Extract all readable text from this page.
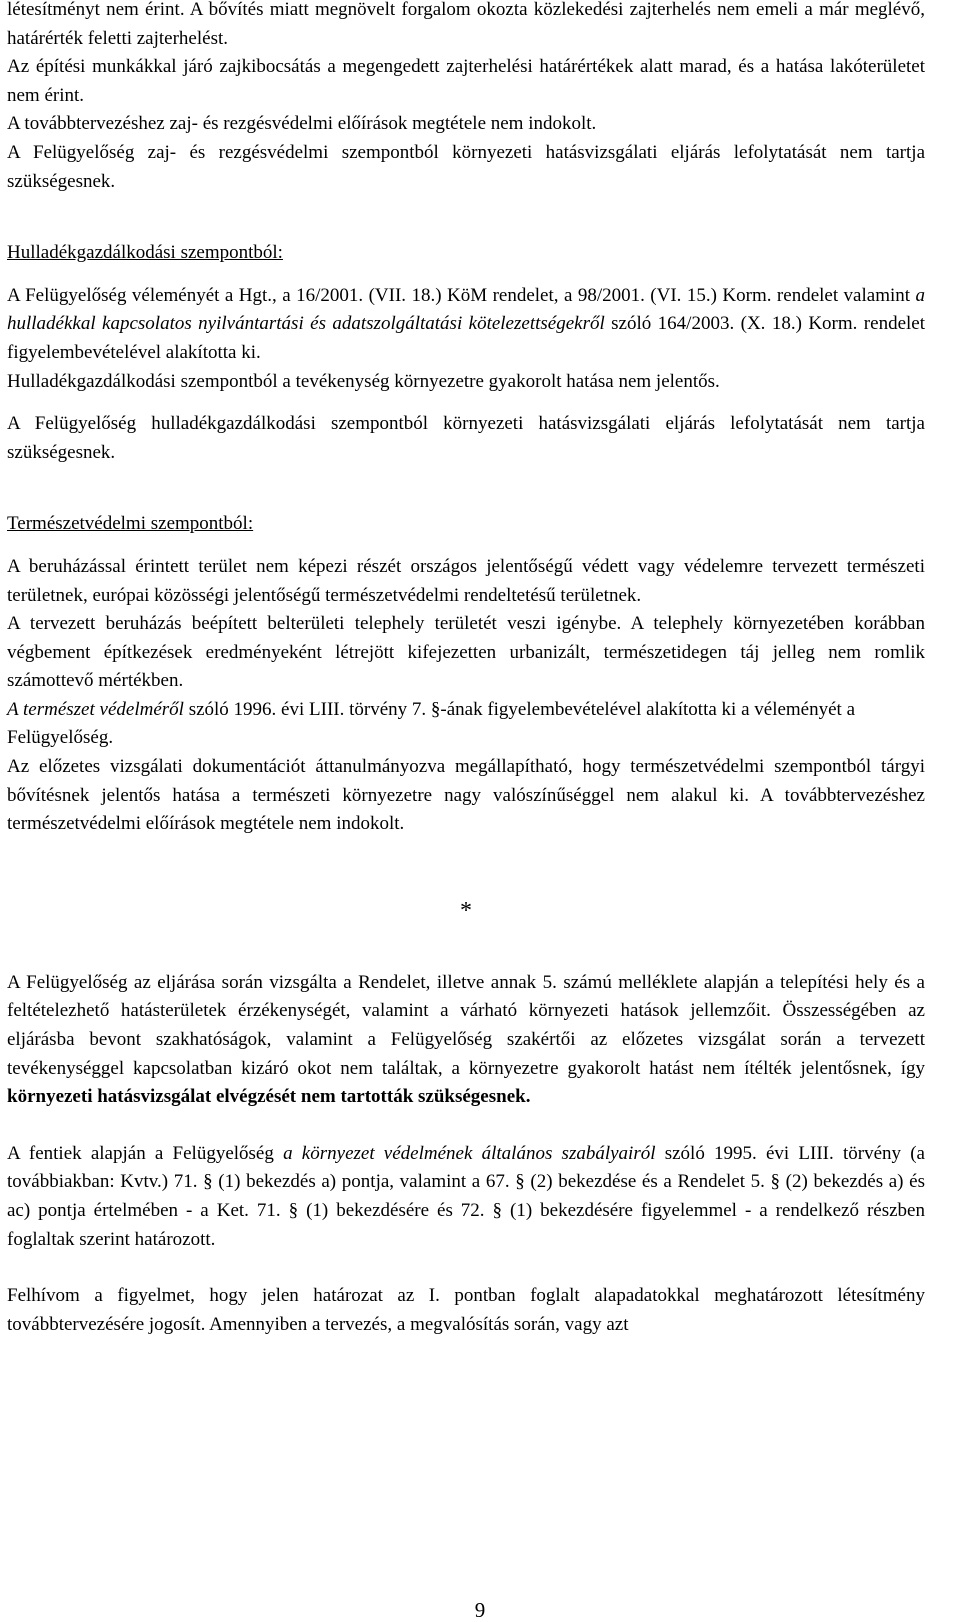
létesítményt nem érint. A bővítés miatt megnövelt forgalom okozta közlekedési zajterhelés nem emeli a már meglévő, határérték feletti zajterhelést.

Az építési munkákkal járó zajkibocsátás a megengedett zajterhelési határértékek alatt marad, és a hatása lakóterületet nem érint.

A továbbtervezéshez zaj- és rezgésvédelmi előírások megtétele nem indokolt.

A Felügyelőség zaj- és rezgésvédelmi szempontból környezeti hatásvizsgálati eljárás lefolytatását nem tartja szükségesnek.

Hulladékgazdálkodási szempontból:

A Felügyelőség véleményét a Hgt., a 16/2001. (VII. 18.) KöM rendelet, a 98/2001. (VI. 15.) Korm. rendelet valamint a hulladékkal kapcsolatos nyilvántartási és adatszolgáltatási kötelezettségekről szóló 164/2003. (X. 18.) Korm. rendelet figyelembevételével alakította ki.

Hulladékgazdálkodási szempontból a tevékenység környezetre gyakorolt hatása nem jelentős.

A Felügyelőség hulladékgazdálkodási szempontból környezeti hatásvizsgálati eljárás lefolytatását nem tartja szükségesnek.

Természetvédelmi szempontból:

A beruházással érintett terület nem képezi részét országos jelentőségű védett vagy védelemre tervezett természeti területnek, európai közösségi jelentőségű természetvédelmi rendeltetésű területnek.

A tervezett beruházás beépített belterületi telephely területét veszi igénybe. A telephely környezetében korábban végbement építkezések eredményeként létrejött kifejezetten urbanizált, természetidegen táj jelleg nem romlik számottevő mértékben.

A természet védelméről szóló 1996. évi LIII. törvény 7. §-ának figyelembevételével alakította ki a véleményét a Felügyelőség.

Az előzetes vizsgálati dokumentációt áttanulmányozva megállapítható, hogy természetvédelmi szempontból tárgyi bővítésnek jelentős hatása a természeti környezetre nagy valószínűséggel nem alakul ki. A továbbtervezéshez természetvédelmi előírások megtétele nem indokolt.

*

A Felügyelőség az eljárása során vizsgálta a Rendelet, illetve annak 5. számú melléklete alapján a telepítési hely és a feltételezhető hatásterületek érzékenységét, valamint a várható környezeti hatások jellemzőit. Összességében az eljárásba bevont szakhatóságok, valamint a Felügyelőség szakértői az előzetes vizsgálat során a tervezett tevékenységgel kapcsolatban kizáró okot nem találtak, a környezetre gyakorolt hatást nem ítélték jelentősnek, így környezeti hatásvizsgálat elvégzését nem tartották szükségesnek.

A fentiek alapján a Felügyelőség a környezet védelmének általános szabályairól szóló 1995. évi LIII. törvény (a továbbiakban: Kvtv.) 71. § (1) bekezdés a) pontja, valamint a 67. § (2) bekezdése és a Rendelet 5. § (2) bekezdés a) és ac) pontja értelmében - a Ket. 71. § (1) bekezdésére és 72. § (1) bekezdésére figyelemmel - a rendelkező részben foglaltak szerint határozott.

Felhívom a figyelmet, hogy jelen határozat az I. pontban foglalt alapadatokkal meghatározott létesítmény továbbtervezésére jogosít. Amennyiben a tervezés, a megvalósítás során, vagy azt

9
